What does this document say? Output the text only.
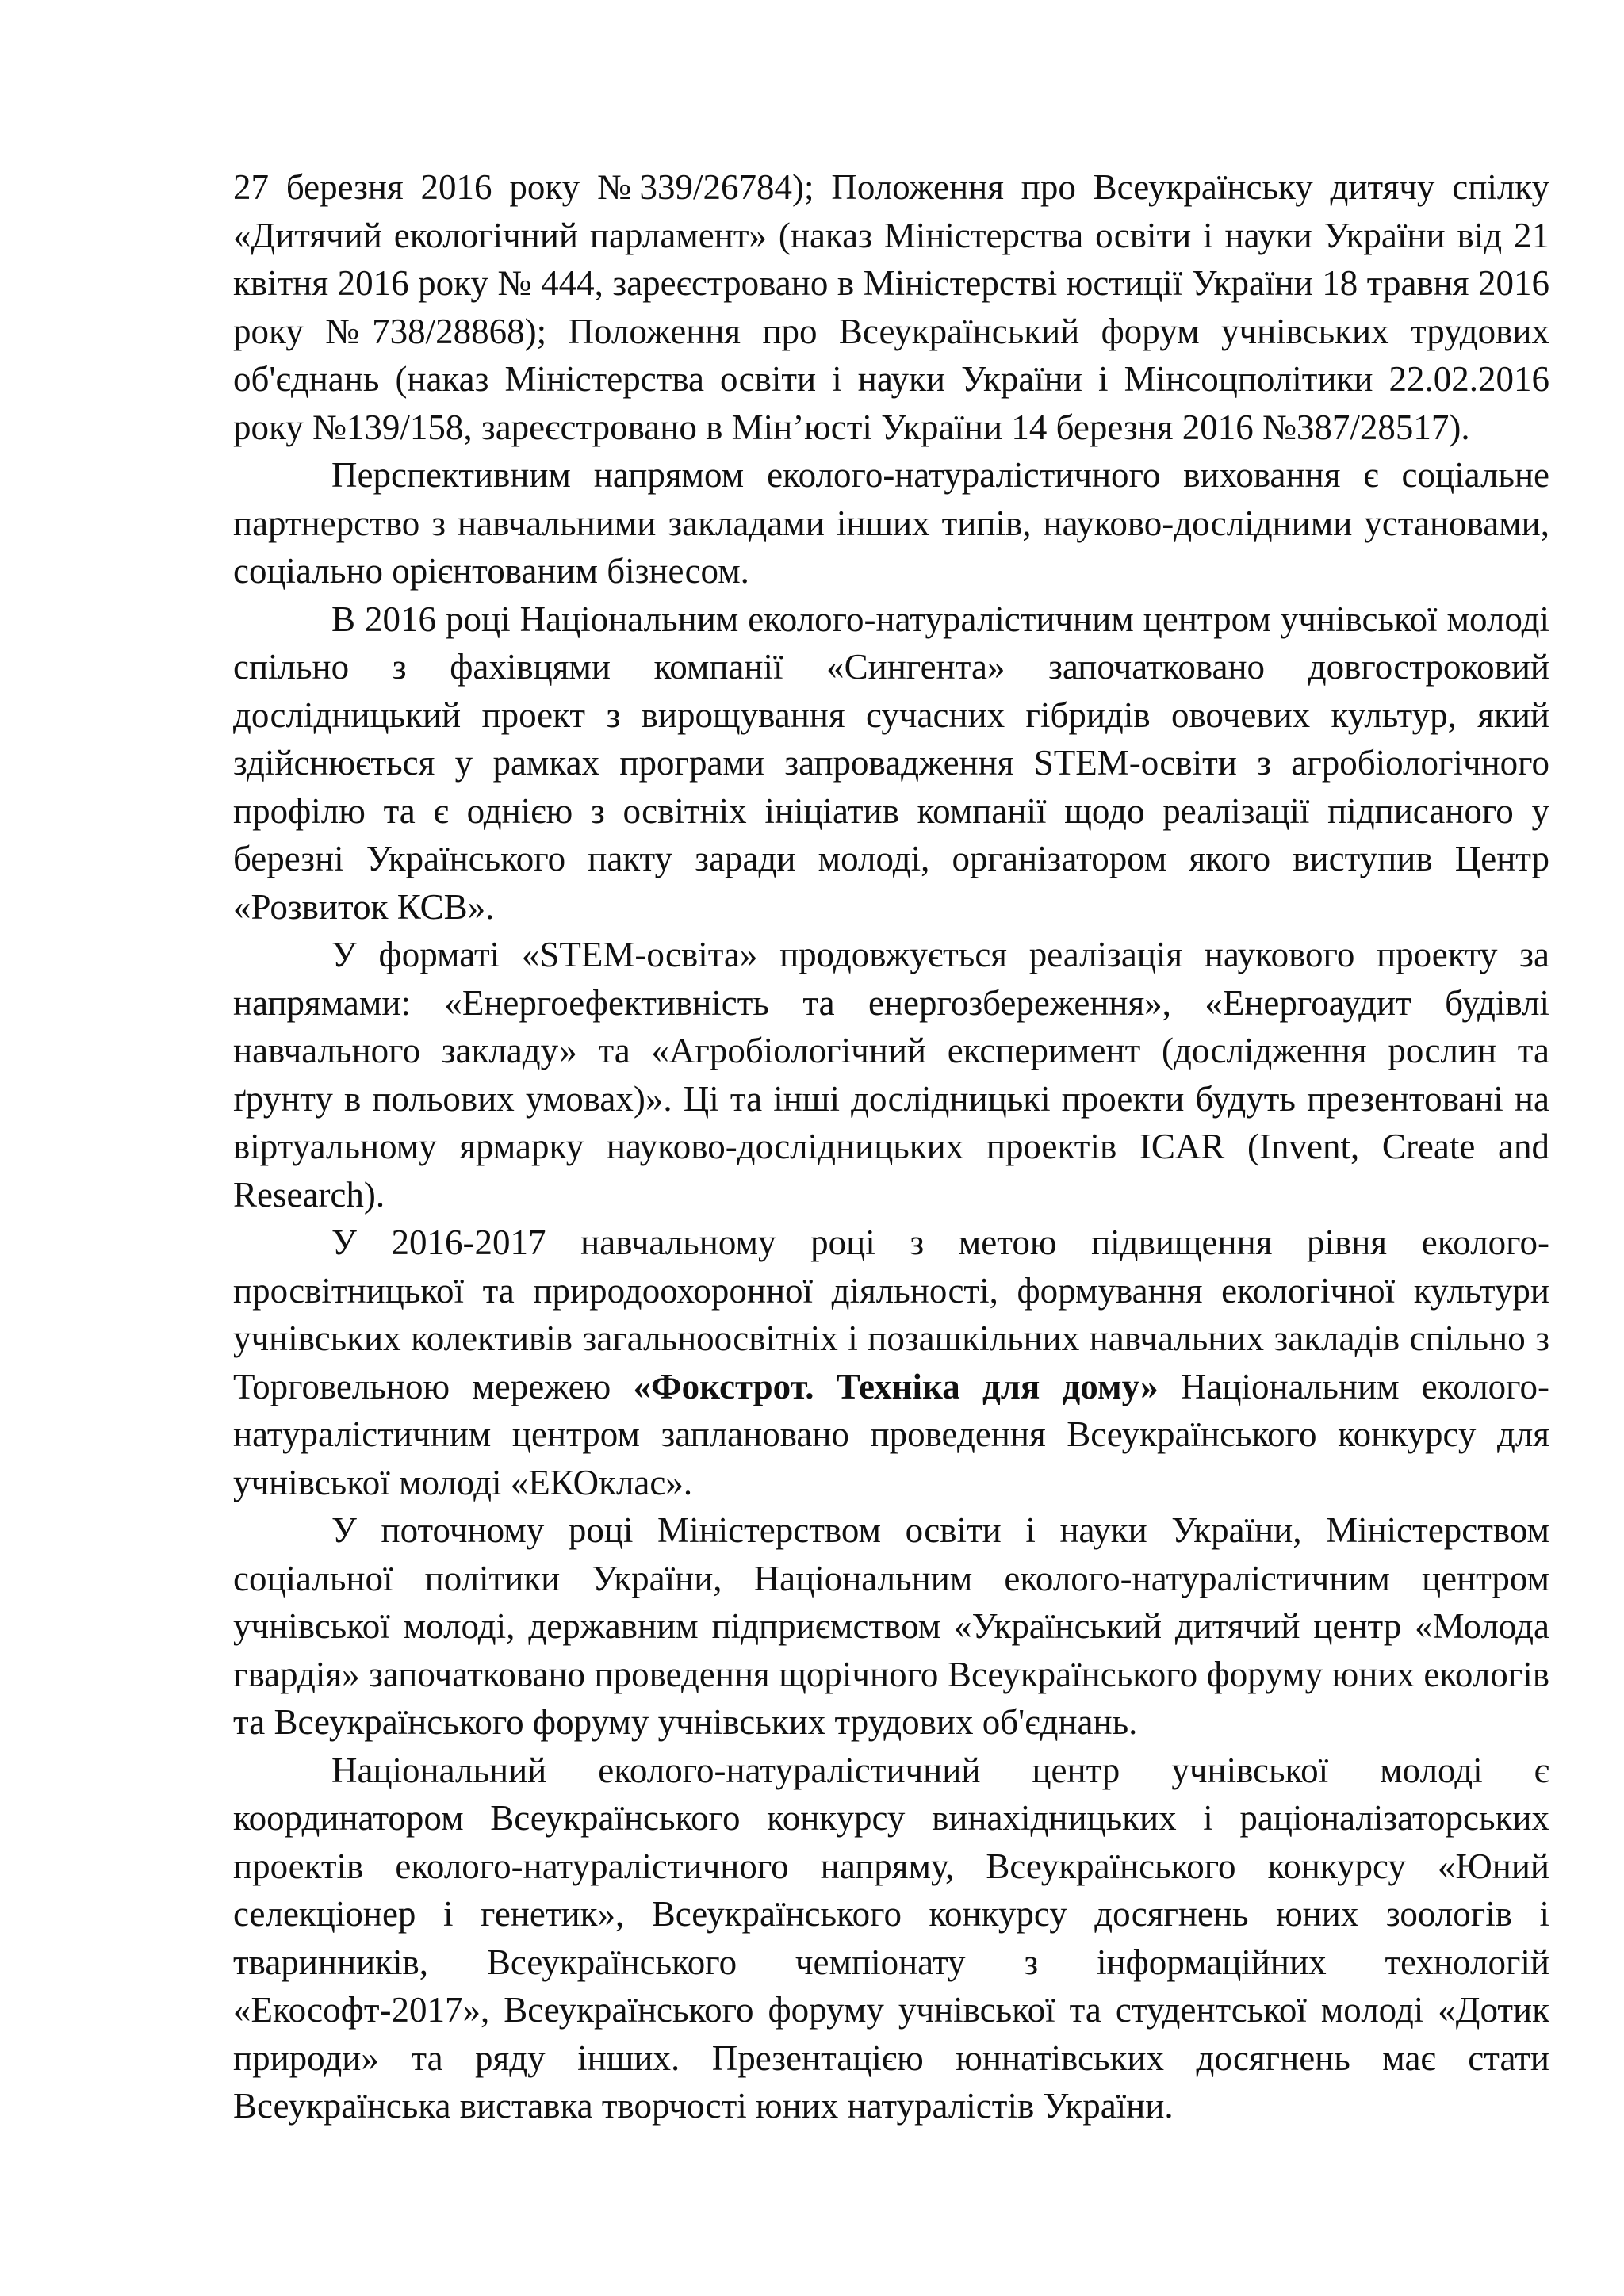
27 березня 2016 року №339/26784); Положення про Всеукраїнську дитячу спілку «Дитячий екологічний парламент» (наказ Міністерства освіти і науки України від 21 квітня 2016 року № 444, зареєстровано в Міністерстві юстиції України 18 травня 2016 року №738/28868); Положення про Всеукраїнський форум учнівських трудових об'єднань (наказ Міністерства освіти і науки України і Мінсоцполітики 22.02.2016 року №139/158, зареєстровано в Мін’юсті України 14 березня 2016 №387/28517).

Перспективним напрямом еколого-натуралістичного виховання є соціальне партнерство з навчальними закладами інших типів, науково-дослідними установами, соціально орієнтованим бізнесом.

В 2016 році Національним еколого-натуралістичним центром учнівської молоді спільно з фахівцями компанії «Сингента» започатковано довгостроковий дослідницький проект з вирощування сучасних гібридів овочевих культур, який здійснюється у рамках програми запровадження STEM-освіти з агробіологічного профілю та є однією з освітніх ініціатив компанії щодо реалізації підписаного у березні Українського пакту заради молоді, організатором якого виступив Центр «Розвиток КСВ».

У форматі «STEM-освіта» продовжується реалізація наукового проекту за напрямами: «Енергоефективність та енергозбереження», «Енергоаудит будівлі навчального закладу» та «Агробіологічний експеримент (дослідження рослин та ґрунту в польових умовах)». Ці та інші дослідницькі проекти будуть презентовані на віртуальному ярмарку науково-дослідницьких проектів ICAR (Invent, Create and Research).

У 2016-2017 навчальному році з метою підвищення рівня еколого-просвітницької та природоохоронної діяльності, формування екологічної культури учнівських колективів загальноосвітніх і позашкільних навчальних закладів спільно з Торговельною мережею «Фокстрот. Техніка для дому» Національним еколого-натуралістичним центром заплановано проведення Всеукраїнського конкурсу для учнівської молоді «ЕКОклас».

У поточному році Міністерством освіти і науки України, Міністерством соціальної політики України, Національним еколого-натуралістичним центром учнівської молоді, державним підприємством «Український дитячий центр «Молода гвардія» започатковано проведення щорічного Всеукраїнського форуму юних екологів та Всеукраїнського форуму учнівських трудових об'єднань.

Національний еколого-натуралістичний центр учнівської молоді є координатором Всеукраїнського конкурсу винахідницьких і раціоналізаторських проектів еколого-натуралістичного напряму, Всеукраїнського конкурсу «Юний селекціонер і генетик», Всеукраїнського конкурсу досягнень юних зоологів і тваринників, Всеукраїнського чемпіонату з інформаційних технологій «Екософт-2017», Всеукраїнського форуму учнівської та студентської молоді «Дотик природи» та ряду інших. Презентацією юннатівських досягнень має стати Всеукраїнська виставка творчості юних натуралістів України.
